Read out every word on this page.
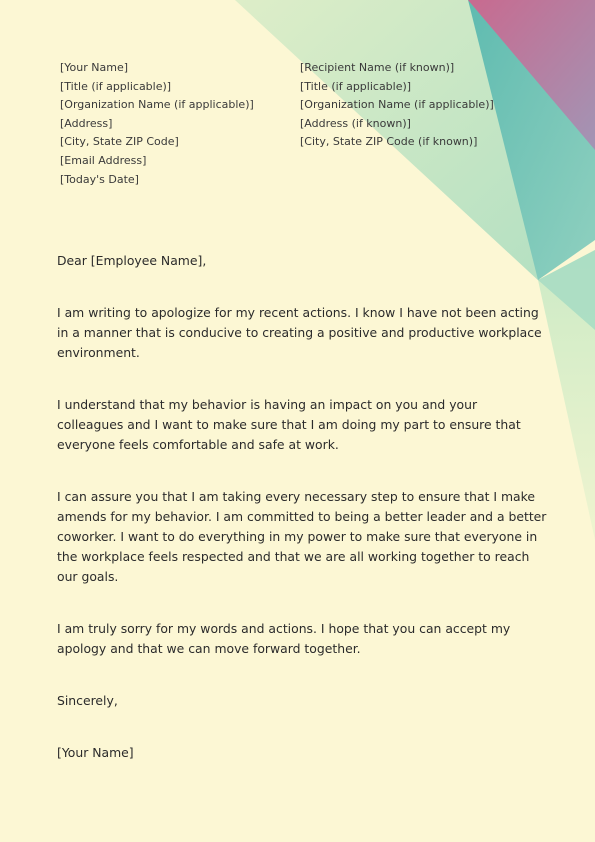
[Your Name]
[Title (if applicable)]
[Organization Name (if applicable)]
[Address]
[City, State ZIP Code]
[Email Address]
[Today's Date]
[Recipient Name (if known)]
[Title (if applicable)]
[Organization Name (if applicable)]
[Address (if known)]
[City, State ZIP Code (if known)]

Dear [Employee Name],

I am writing to apologize for my recent actions. I know I have not been acting in a manner that is conducive to creating a positive and productive workplace environment.

I understand that my behavior is having an impact on you and your colleagues and I want to make sure that I am doing my part to ensure that everyone feels comfortable and safe at work.

I can assure you that I am taking every necessary step to ensure that I make amends for my behavior. I am committed to being a better leader and a better coworker. I want to do everything in my power to make sure that everyone in the workplace feels respected and that we are all working together to reach our goals.

I am truly sorry for my words and actions. I hope that you can accept my apology and that we can move forward together.

Sincerely,

[Your Name]
